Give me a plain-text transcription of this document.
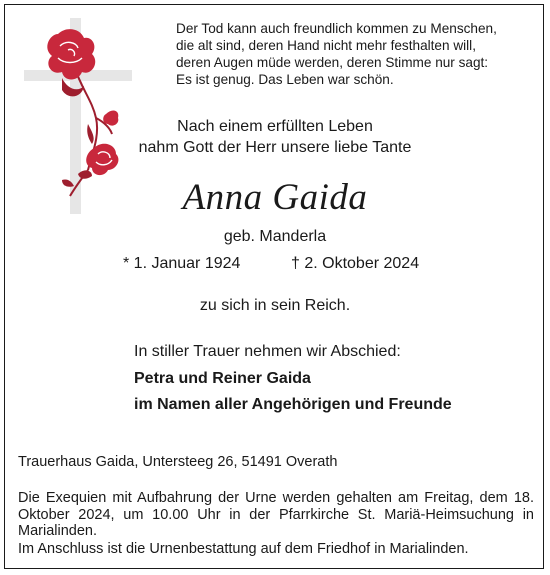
Der Tod kann auch freundlich kommen zu Menschen,
die alt sind, deren Hand nicht mehr festhalten will,
deren Augen müde werden, deren Stimme nur sagt:
Es ist genug. Das Leben war schön.
Nach einem erfüllten Leben
nahm Gott der Herr unsere liebe Tante
Anna Gaida
geb. Manderla
* 1. Januar 1924	† 2. Oktober 2024
zu sich in sein Reich.
In stiller Trauer nehmen wir Abschied:
Petra und Reiner Gaida
im Namen aller Angehörigen und Freunde
Trauerhaus Gaida, Untersteeg 26, 51491 Overath
Die Exequien mit Aufbahrung der Urne werden gehalten am Freitag, dem 18. Oktober 2024, um 10.00 Uhr in der Pfarrkirche St. Mariä-Heimsuchung in Marialinden.
Im Anschluss ist die Urnenbestattung auf dem Friedhof in Marialinden.
